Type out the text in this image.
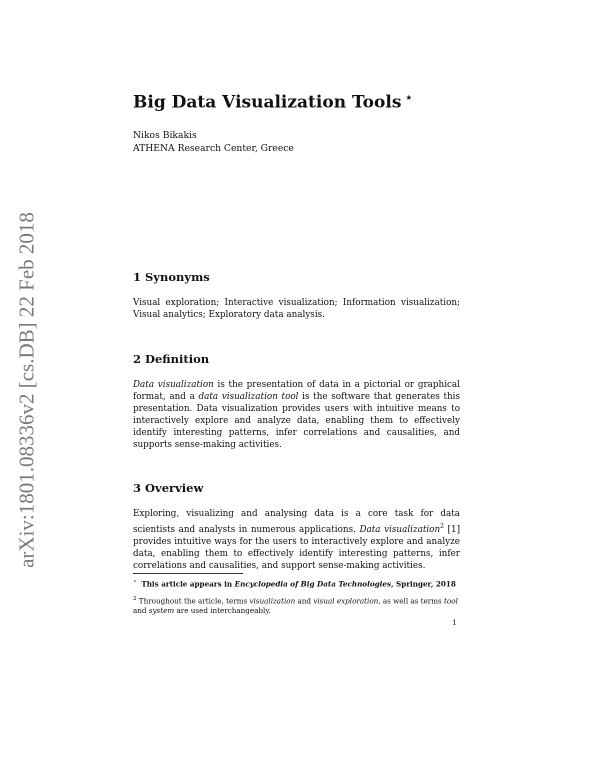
arXiv:1801.08336v2 [cs.DB] 22 Feb 2018
Big Data Visualization Tools ⋆
Nikos Bikakis
ATHENA Research Center, Greece
1 Synonyms
Visual exploration; Interactive visualization; Information visualization; Visual analytics; Exploratory data analysis.
2 Definition
Data visualization is the presentation of data in a pictorial or graphical format, and a data visualization tool is the software that generates this presentation. Data visualization provides users with intuitive means to interactively explore and analyze data, enabling them to effectively identify interesting patterns, infer correlations and causalities, and supports sense-making activities.
3 Overview
Exploring, visualizing and analysing data is a core task for data scientists and analysts in numerous applications. Data visualization$^2$ [1] provides intuitive ways for the users to interactively explore and analyze data, enabling them to effectively identify interesting patterns, infer correlations and causalities, and support sense-making activities.
⋆ This article appears in Encyclopedia of Big Data Technologies, Springer, 2018
$^2$ Throughout the article, terms visualization and visual exploration, as well as terms tool and system are used interchangeably.
1
